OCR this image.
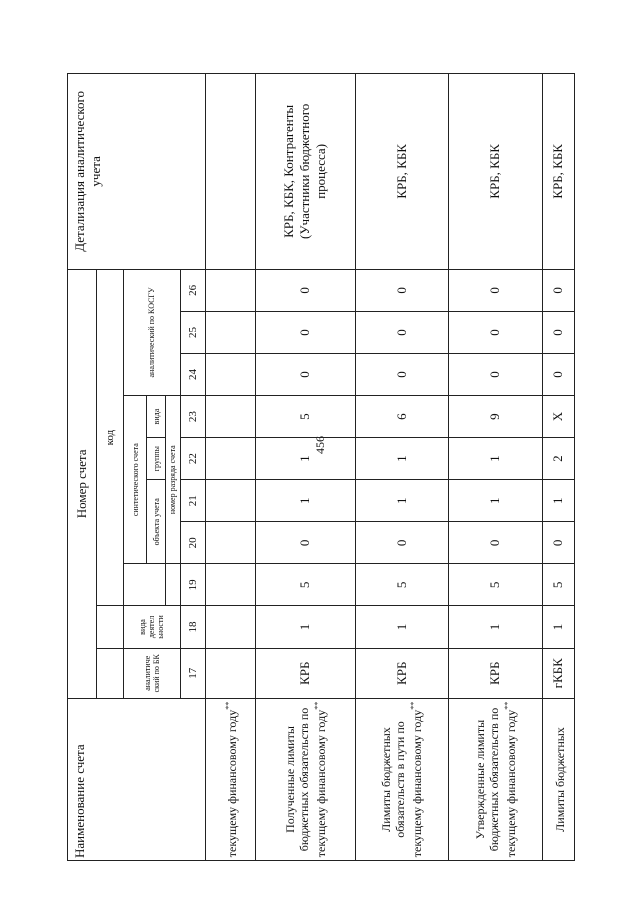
456
Наименование счета	Номер счета										Детализация аналитического учета
			код								
	аналитиче ский по БК	вида деятел ьности		синтетического счета				аналитический по КОСГУ			
				объекта учета		группы	вида				
				номер разряда счета							
	17	18	19	20	21	22	23	24	25	26	
текущему финансовому году**											
Полученные лимиты бюджетных обязательств по текущему финансовому году**	КРБ	1	5	0	1	1	5	0	0	0	КРБ, КБК, Контрагенты (Участники бюджетного процесса)
Лимиты бюджетных обязательств в пути по текущему финансовому году**	КРБ	1	5	0	1	1	6	0	0	0	КРБ, КБК
Утвержденные лимиты бюджетных обязательств по текущему финансовому году**	КРБ	1	5	0	1	1	9	0	0	0	КРБ, КБК
Лимиты бюджетных	гКБК	1	5	0	1	2	Х	0	0	0	КРБ, КБК
